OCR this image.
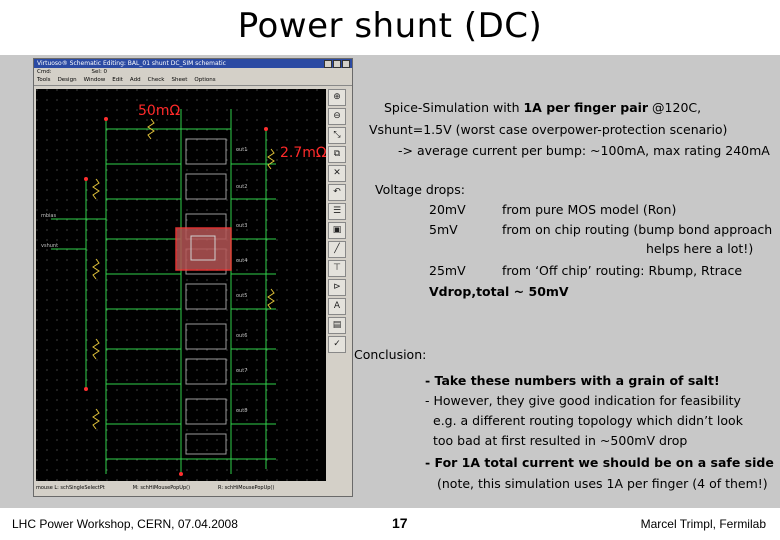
Power shunt (DC)
Virtuoso® Schematic Editing: BAL_01 shunt DC_SIM schematic
Cmd:	Sel: 0
Tools Design Window Edit Add Check Sheet Options
out1
out2
out3
out4
out5
out6
out7
out8
mbias
vshunt
⊕
⊖
⤡
⧉
✕
↶
☰
▣
╱
⊤
⊳
A
▤
✓
mouse L: schSingleSelectPt	M: schHiMousePopUp()	R: schHiMousePopUp()
50mΩ
2.7mΩ
Spice-Simulation with 1A per finger pair @120C,
Vshunt=1.5V (worst case overpower-protection scenario)
-> average current per bump: ~100mA, max rating 240mA
Voltage drops:
20mV	from pure MOS model (Ron)
5mV	from on chip routing (bump bond approach
helps here a lot!)
25mV	from ‘Off chip’ routing: Rbump, Rtrace
Vdrop,total ~ 50mV
Conclusion:
- Take these numbers with a grain of salt!
- However, they give good indication for feasibility
e.g. a different routing topology which didn’t look
too bad at first resulted in ~500mV drop
- For 1A total current we should be on a safe side
(note, this simulation uses 1A per finger (4 of them!)
LHC Power Workshop, CERN, 07.04.2008	17	Marcel Trimpl, Fermilab
